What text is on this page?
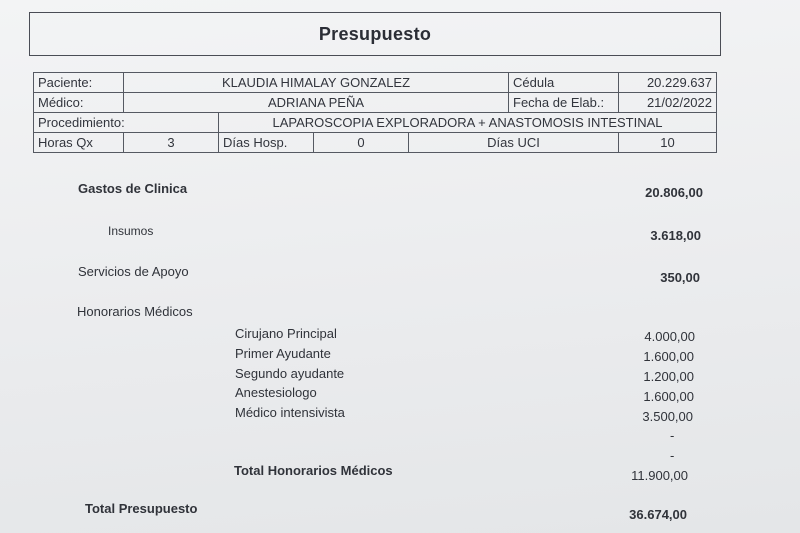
Presupuesto
Paciente:	KLAUDIA HIMALAY GONZALEZ				Cédula	20.229.637
Médico:	ADRIANA PEÑA				Fecha de Elab.:	21/02/2022
Procedimiento:		LAPAROSCOPIA EXPLORADORA + ANASTOMOSIS INTESTINAL				
Horas Qx	3	Días Hosp.	0	Días UCI		10
Gastos de Clinica	20.806,00
Insumos	3.618,00
Servicios de Apoyo	350,00
Honorarios Médicos
Cirujano Principal	4.000,00
Primer Ayudante	1.600,00
Segundo ayudante	1.200,00
Anestesiologo	1.600,00
Médico intensivista	3.500,00
-
-
Total Honorarios Médicos	11.900,00
Total Presupuesto	36.674,00
